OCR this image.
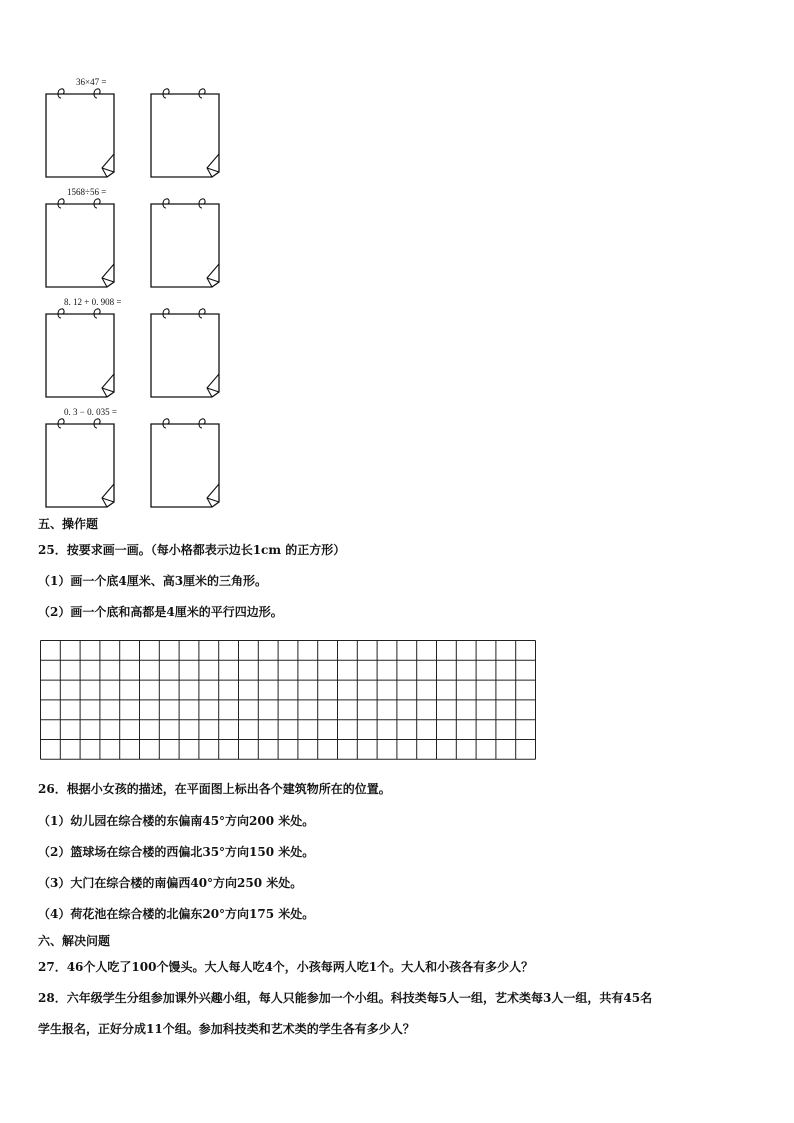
36×47 =
1568÷56 =
8. 12 + 0. 908 =
0. 3 − 0. 035 =
五、操作题
25．按要求画一画。（每小格都表示边长1cm 的正方形）
（1）画一个底4厘米、高3厘米的三角形。
（2）画一个底和高都是4厘米的平行四边形。
26．根据小女孩的描述，在平面图上标出各个建筑物所在的位置。
（1）幼儿园在综合楼的东偏南45°方向200 米处。
（2）篮球场在综合楼的西偏北35°方向150 米处。
（3）大门在综合楼的南偏西40°方向250 米处。
（4）荷花池在综合楼的北偏东20°方向175 米处。
六、解决问题
27．46个人吃了100个馒头。大人每人吃4个，小孩每两人吃1个。大人和小孩各有多少人？
28．六年级学生分组参加课外兴趣小组，每人只能参加一个小组。科技类每5人一组，艺术类每3人一组，共有45名
学生报名，正好分成11个组。参加科技类和艺术类的学生各有多少人？
